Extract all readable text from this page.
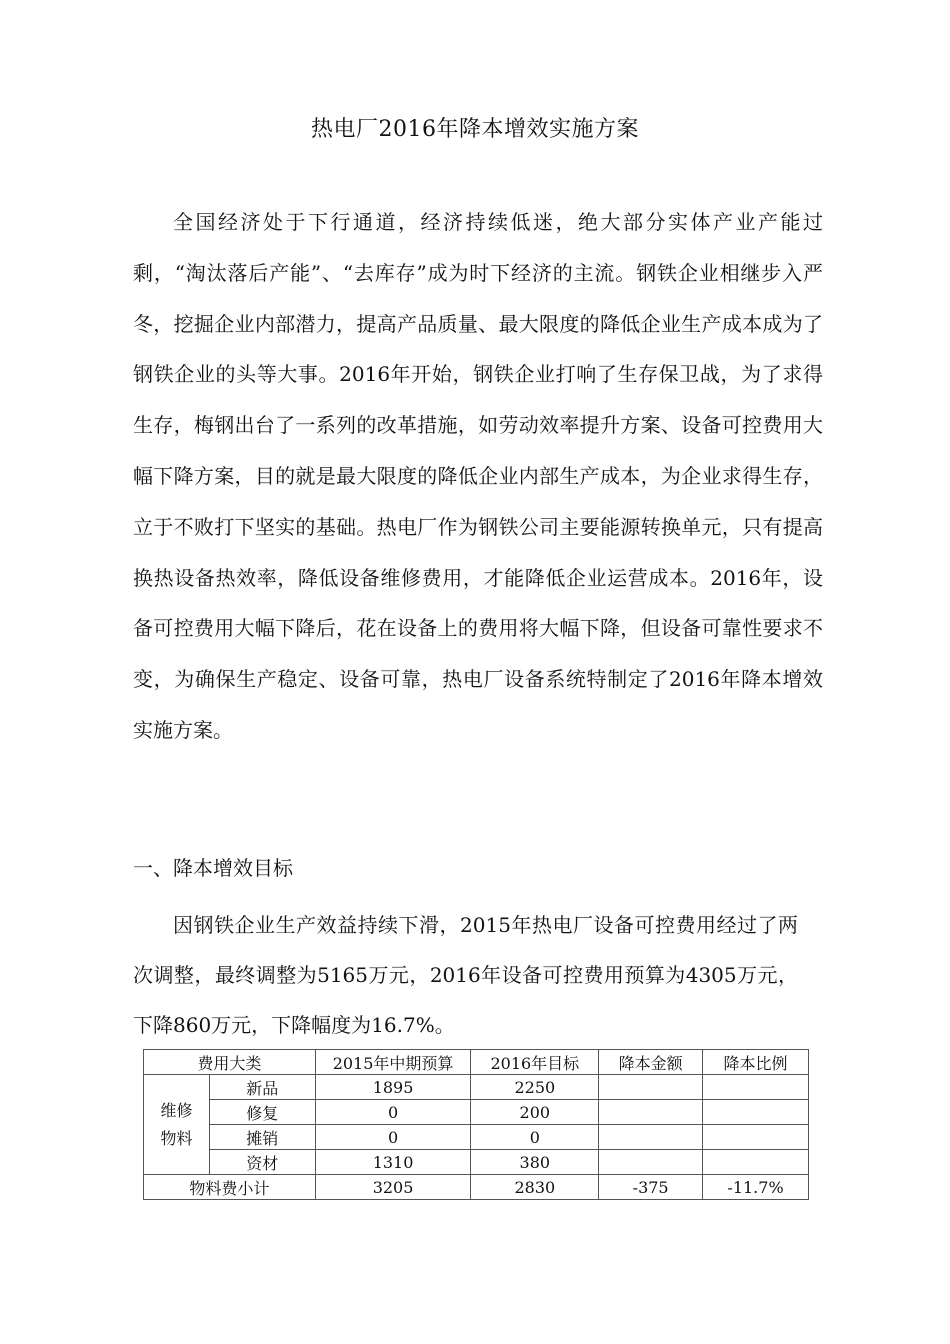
热电厂2016年降本增效实施方案

全国经济处于下行通道，经济持续低迷，绝大部分实体产业产能过剩，“淘汰落后产能”、“去库存”成为时下经济的主流。钢铁企业相继步入严冬，挖掘企业内部潜力，提高产品质量、最大限度的降低企业生产成本成为了钢铁企业的头等大事。2016年开始，钢铁企业打响了生存保卫战，为了求得生存，梅钢出台了一系列的改革措施，如劳动效率提升方案、设备可控费用大幅下降方案，目的就是最大限度的降低企业内部生产成本，为企业求得生存，立于不败打下坚实的基础。热电厂作为钢铁公司主要能源转换单元，只有提高换热设备热效率，降低设备维修费用，才能降低企业运营成本。2016年，设备可控费用大幅下降后，花在设备上的费用将大幅下降，但设备可靠性要求不变，为确保生产稳定、设备可靠，热电厂设备系统特制定了2016年降本增效实施方案。

一、降本增效目标

因钢铁企业生产效益持续下滑，2015年热电厂设备可控费用经过了两次调整，最终调整为5165万元，2016年设备可控费用预算为4305万元，下降860万元，下降幅度为16.7%。

费用大类		2015年中期预算	2016年目标	降本金额	降本比例

维修
物料	新品	1895	2250		
	修复	0	200		
	摊销	0	0		
	资材	1310	380		
物料费小计		3205	2830	-375	-11.7%
